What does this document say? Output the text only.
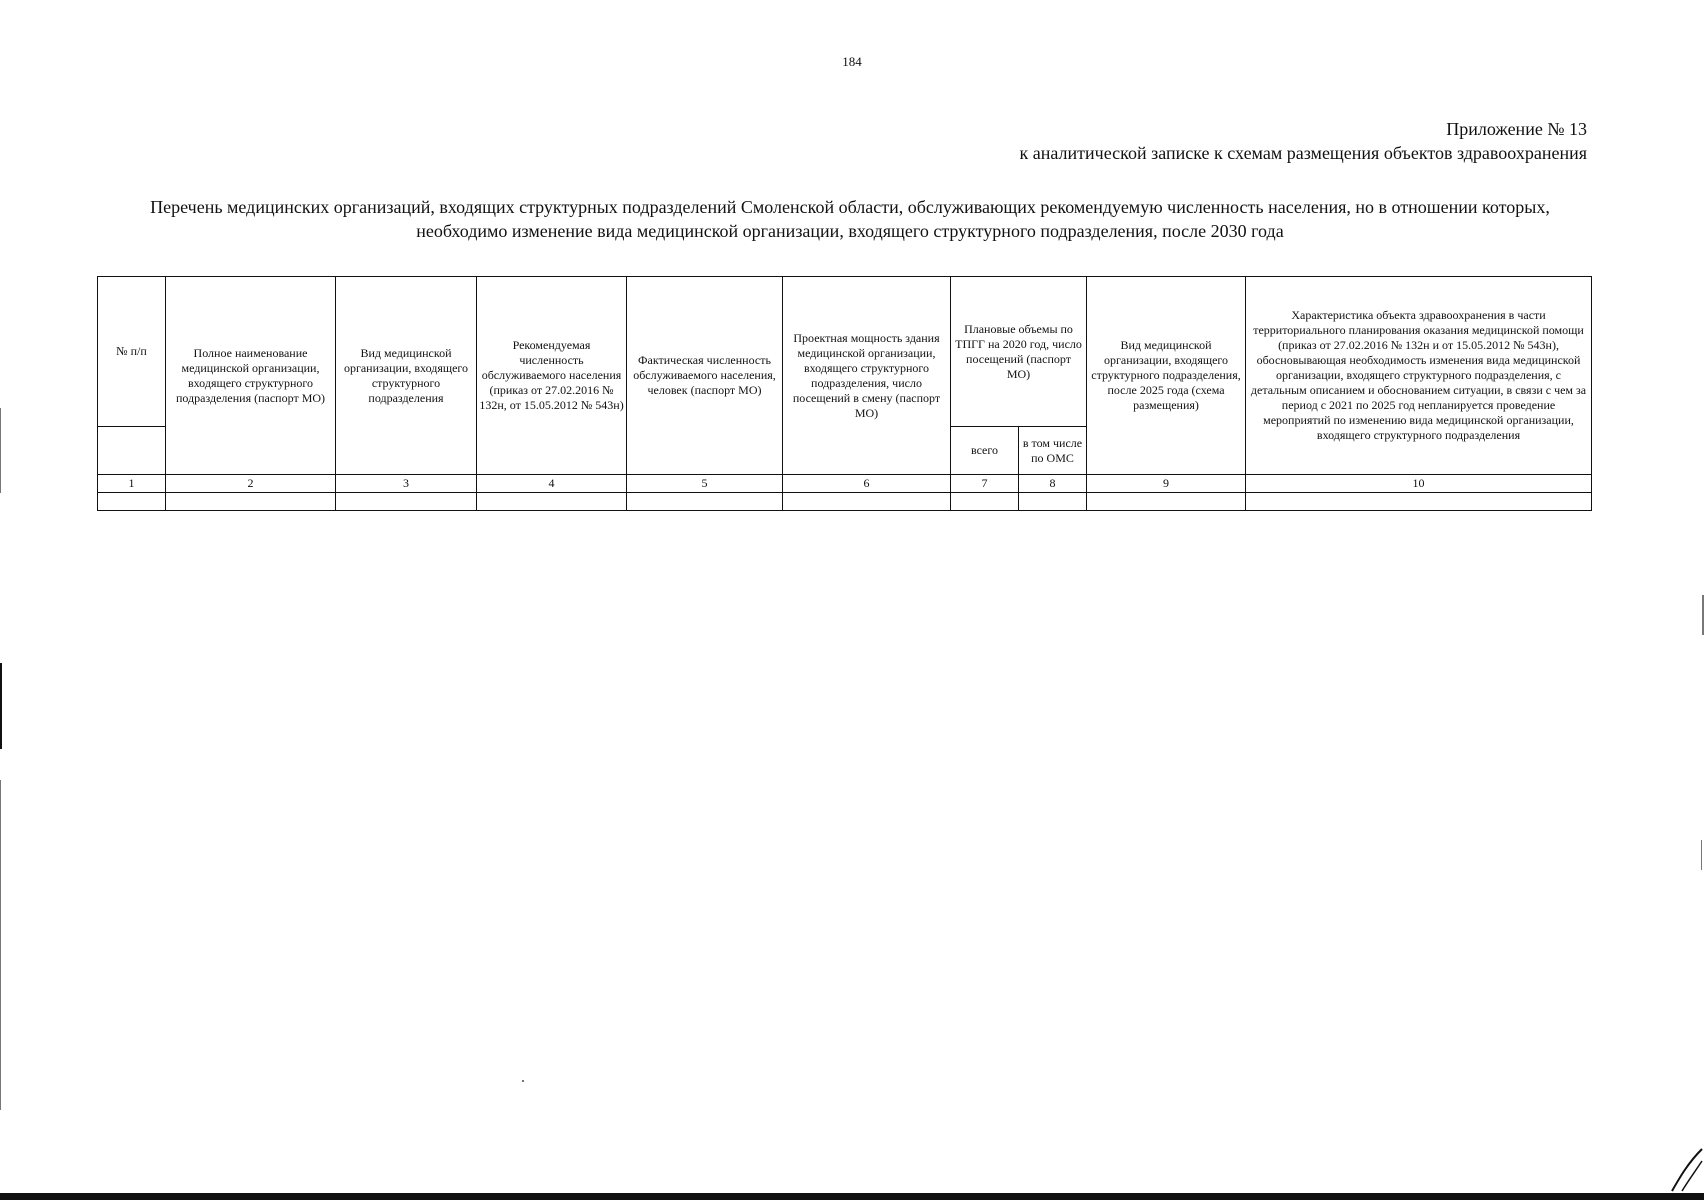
184
Приложение № 13
к аналитической записке к схемам размещения объектов здравоохранения
Перечень медицинских организаций, входящих структурных подразделений Смоленской области, обслуживающих рекомендуемую численность населения, но в отношении которых,
необходимо изменение вида медицинской организации, входящего структурного подразделения, после 2030 года
№ п/п	Полное наименование медицинской организации, входящего структурного подразделения (паспорт МО)	Вид медицинской организации, входящего структурного подразделения	Рекомендуемая численность обслуживаемого населения (приказ от 27.02.2016 № 132н, от 15.05.2012 № 543н)	Фактическая численность обслуживаемого населения, человек (паспорт МО)	Проектная мощность здания медицинской организации, входящего структурного подразделения, число посещений в смену (паспорт МО)	Плановые объемы по ТПГГ на 2020 год, число посещений (паспорт МО)		Вид медицинской организации, входящего структурного подразделения, после 2025 года (схема размещения)	Характеристика объекта здравоохранения в части территориального планирования оказания медицинской помощи (приказ от 27.02.2016 № 132н и от 15.05.2012 № 543н), обосновывающая необходимость изменения вида медицинской организации, входящего структурного подразделения, с детальным описанием и обоснованием ситуации, в связи с чем за период с 2021 по 2025 год непланируется проведение мероприятий по изменению вида медицинской организации, входящего структурного подразделения
						всего	в том числе по ОМС		
1	2	3	4	5	6	7	8	9	10
